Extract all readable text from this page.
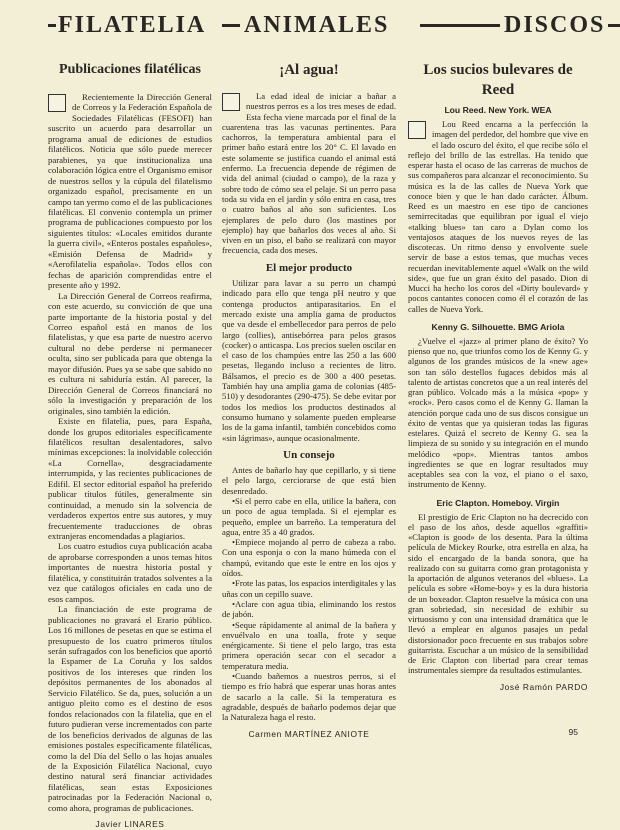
FILATELIA ANIMALES	DISCOS
Publicaciones filatélicas

Recientemente la Dirección General de Correos y la Federación Española de Sociedades Filatélicas (FESOFI) han suscrito un acuerdo para desarrollar un programa anual de ediciones de estudios filatélicos. Noticia que sólo puede merecer parabienes, ya que institucionaliza una colaboración lógica entre el Organismo emisor de nuestros sellos y la cúpula del filatelismo organizado español, precisamente en un campo tan yermo como el de las publicaciones filatélicas. El convenio contempla un primer programa de publicaciones compuesto por los siguientes títulos: «Locales emitidos durante la guerra civil», «Enteros postales españoles», «Emisión Defensa de Madrid» y «Aerofilatelia española». Todos ellos con fechas de aparición comprendidas entre el presente año y 1992.

La Dirección General de Correos reafirma, con este acuerdo, su convicción de que una parte importante de la historia postal y del Correo español está en manos de los filatelistas, y que esa parte de nuestro acervo cultural no debe perderse ni permanecer oculta, sino ser publicada para que obtenga la mayor difusión. Pues ya se sabe que sabido no es cultura ni sabiduría están. Al parecer, la Dirección General de Correos financiará no sólo la investigación y preparación de los originales, sino también la edición.

Existe en filatelia, pues, para España, donde los grupos editoriales específicamente filatélicos resultan desalentadores, salvo mínimas excepciones: la inolvidable colección «La Cornella», desgraciadamente interrumpida, y las recientes publicaciones de Edifil. El sector editorial español ha preferido publicar títulos fútiles, generalmente sin continuidad, a menudo sin la solvencia de verdaderos expertos entre sus autores, y muy frecuentemente traducciones de obras extranjeras encomendadas a plagiarios.

Los cuatro estudios cuya publicación acaba de aprobarse corresponden a unos temas hitos importantes de nuestra historia postal y filatélica, y constituirán tratados solventes a la vez que catálogos oficiales en cada uno de esos campos.

La financiación de este programa de publicaciones no gravará el Erario público. Los 16 millones de pesetas en que se estima el presupuesto de los cuatro primeros títulos serán sufragados con los beneficios que aportó la Espamer de La Coruña y los saldos positivos de los intereses que rinden los depósitos permanentes de los abonados al Servicio Filatélico. Se da, pues, solución a un antiguo pleito como es el destino de esos fondos relacionados con la filatelia, que en el futuro pudieran verse incrementados con parte de los beneficios derivados de algunas de las emisiones postales específicamente filatélicas, como la del Día del Sello o las hojas anuales de la Exposición Filatélica Nacional, cuyo destino natural será financiar actividades filatélicas, sean estas Exposiciones patrocinadas por la Federación Nacional o, como ahora, programas de publicaciones.

Javier LINARES
¡Al agua!

La edad ideal de iniciar a bañar a nuestros perros es a los tres meses de edad. Esta fecha viene marcada por el final de la cuarentena tras las vacunas pertinentes. Para cachorros, la temperatura ambiental para el primer baño estará entre los 20° C. El lavado en este solamente se justifica cuando el animal está enfermo. La frecuencia depende de régimen de vida del animal (ciudad o campo), de la raza y sobre todo de cómo sea el pelaje. Si un perro pasa toda su vida en el jardín y sólo entra en casa, tres o cuatro baños al año son suficientes. Los ejemplares de pelo duro (los mastines por ejemplo) hay que bañarlos dos veces al año. Si viven en un piso, el baño se realizará con mayor frecuencia, cada dos meses.

El mejor producto

Utilizar para lavar a su perro un champú indicado para ello que tenga pH neutro y que contenga productos antiparasitarios. En el mercado existe una amplia gama de productos que va desde el embellecedor para perros de pelo largo (collies), antisebórrea para pelos grasos (cocker) o anticaspa. Los precios suelen oscilar en el caso de los champúes entre las 250 a las 600 pesetas, llegando incluso a recientes de litro. Bálsamos, el precio es de 300 a 400 pesetas. También hay una amplia gama de colonias (485-510) y desodorantes (290-475). Se debe evitar por todos los medios los productos destinados al consumo humano y solamente pueden emplearse los de la gama infantil, también concebidos como «sin lágrimas», aunque ocasionalmente.

Un consejo

Antes de bañarlo hay que cepillarlo, y si tiene el pelo largo, cerciorarse de que está bien desenredado.

• Si el perro cabe en ella, utilice la bañera, con un poco de agua templada. Si el ejemplar es pequeño, emplee un barreño. La temperatura del agua, entre 35 a 40 grados.

• Empiece mojando al perro de cabeza a rabo. Con una esponja o con la mano húmeda con el champú, evitando que este le entre en los ojos y oídos.

• Frote las patas, los espacios interdigitales y las uñas con un cepillo suave.

• Aclare con agua tibia, eliminando los restos de jabón.

• Seque rápidamente al animal de la bañera y envuélvalo en una toalla, frote y seque enérgicamente. Si tiene el pelo largo, tras esta primera operación secar con el secador a temperatura media.

• Cuando bañemos a nuestros perros, si el tiempo es frío habrá que esperar unas horas antes de sacarlo a la calle. Si la temperatura es agradable, después de bañarlo podemos dejar que la Naturaleza haga el resto.

Carmen MARTÍNEZ ANIOTE
Los sucios bulevares de Reed
Lou Reed. New York. WEA

Lou Reed encarna a la perfección la imagen del perdedor, del hombre que vive en el lado oscuro del éxito, el que recibe sólo el reflejo del brillo de las estrellas. Ha tenido que esperar hasta el ocaso de las carreras de muchos de sus compañeros para alcanzar el reconocimiento. Su música es la de las calles de Nueva York que conoce bien y que le han dado carácter. Álbum. Reed es un maestro en ese tipo de canciones semirrecitadas que equilibran por igual el viejo «talking blues» tan caro a Dylan como los ventajosos ataques de los nuevos reyes de las discotecas. Un ritmo denso y envolvente suele servir de base a estos temas, que muchas veces recuerdan inevitablemente aquel «Walk on the wild side», que fue un gran éxito del pasado. Dion di Mucci ha hecho los coros del «Dirty boulevard» y pocos cantantes conocen como él el corazón de las calles de Nueva York.

Kenny G. Silhouette. BMG Ariola

¿Vuelve el «jazz» al primer plano de éxito? Yo pienso que no, que triunfos como los de Kenny G. y algunos de los grandes músicos de la «new age» son tan sólo destellos fugaces debidos más al talento de artistas concretos que a un real interés del gran público. Volcado más a la música «pop» y «rock». Pero casos como el de Kenny G. llaman la atención porque cada uno de sus discos consigue un éxito de ventas que ya quisieran todas las figuras estelares. Quizá el secreto de Kenny G. sea la limpieza de su sonido y su integración en el mundo melódico «pop». Mientras tantos ambos ingredientes se que en lograr resultados muy aceptables sea con la voz, el piano o el saxo, instrumento de Kenny.

Eric Clapton. Homeboy. Virgin

El prestigio de Eric Clapton no ha decrecido con el paso de los años, desde aquellos «graffiti» «Clapton is good» de los desenta. Para la última película de Mickey Rourke, otra estrella en alza, ha sido el encargado de la banda sonora, que ha realizado con su guitarra como gran protagonista y la aportación de algunos veteranos del «blues». La película es sobre «Home-boy» y es la dura historia de un boxeador. Clapton resuelve la música con una gran sobriedad, sin necesidad de exhibir su virtuosismo y con una intensidad dramática que le llevó a emplear en algunos pasajes un pedal distorsionador poco frecuente en sus trabajos sobre guitarrista. Escuchar a un músico de la sensibilidad de Eric Clapton con libertad para crear temas instrumentales siempre da resultados estimulantes.

José Ramón PARDO
95
